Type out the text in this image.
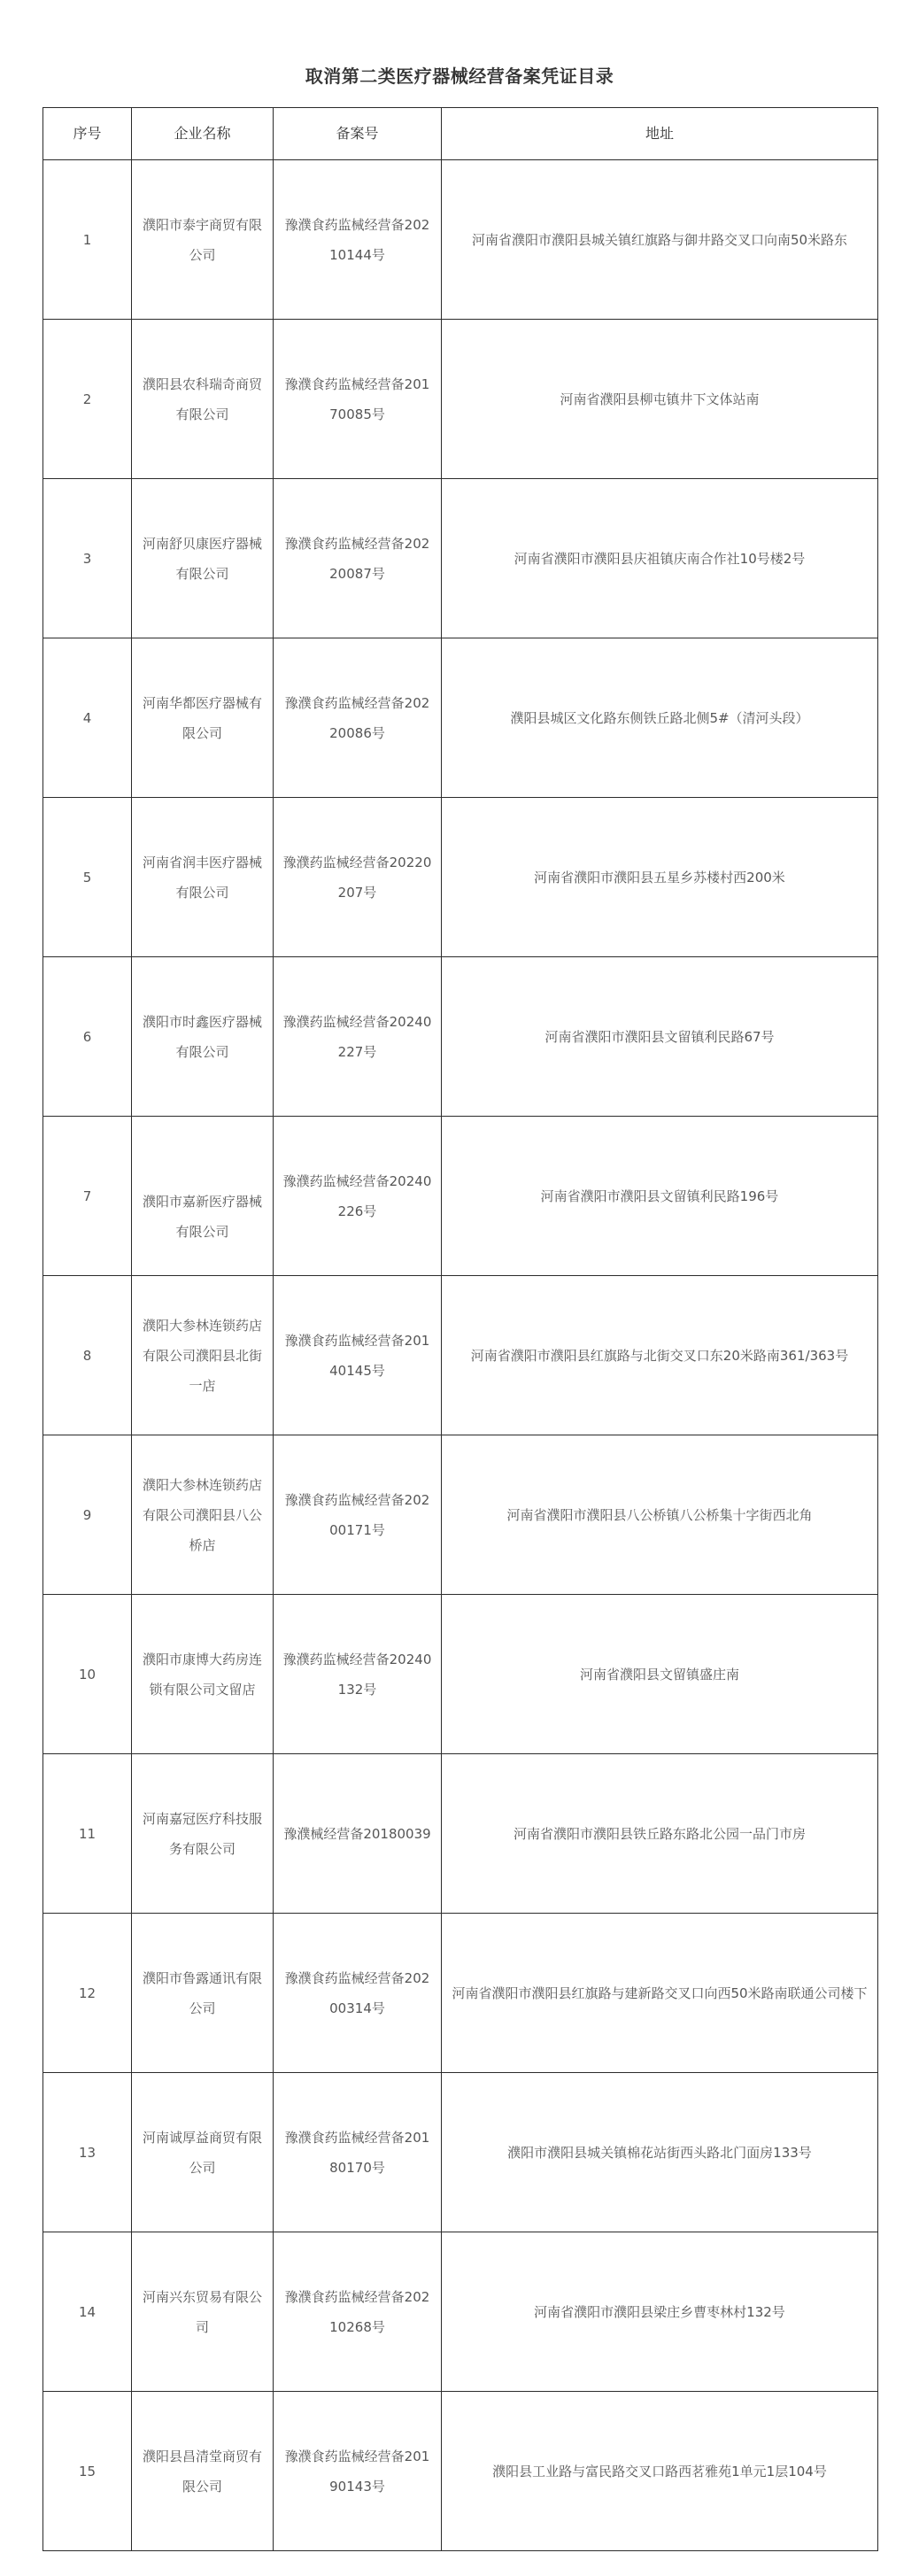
取消第二类医疗器械经营备案凭证目录
序号	企业名称	备案号	地址
1	濮阳市泰宇商贸有限公司	豫濮食药监械经营备20210144号	河南省濮阳市濮阳县城关镇红旗路与御井路交叉口向南50米路东
2	濮阳县农科瑞奇商贸有限公司	豫濮食药监械经营备20170085号	河南省濮阳县柳屯镇井下文体站南
3	河南舒贝康医疗器械有限公司	豫濮食药监械经营备20220087号	河南省濮阳市濮阳县庆祖镇庆南合作社10号楼2号
4	河南华都医疗器械有限公司	豫濮食药监械经营备20220086号	濮阳县城区文化路东侧铁丘路北侧5#（清河头段）
5	河南省润丰医疗器械有限公司	豫濮药监械经营备20220207号	河南省濮阳市濮阳县五星乡苏楼村西200米
6	濮阳市时鑫医疗器械有限公司	豫濮药监械经营备20240227号	河南省濮阳市濮阳县文留镇利民路67号
7	濮阳市嘉新医疗器械有限公司	豫濮药监械经营备20240226号	河南省濮阳市濮阳县文留镇利民路196号
8	濮阳大参林连锁药店有限公司濮阳县北街一店	豫濮食药监械经营备20140145号	河南省濮阳市濮阳县红旗路与北街交叉口东20米路南361/363号
9	濮阳大参林连锁药店有限公司濮阳县八公桥店	豫濮食药监械经营备20200171号	河南省濮阳市濮阳县八公桥镇八公桥集十字街西北角
10	濮阳市康博大药房连锁有限公司文留店	豫濮药监械经营备20240132号	河南省濮阳县文留镇盛庄南
11	河南嘉冠医疗科技服务有限公司	豫濮械经营备20180039	河南省濮阳市濮阳县铁丘路东路北公园一品门市房
12	濮阳市鲁露通讯有限公司	豫濮食药监械经营备20200314号	河南省濮阳市濮阳县红旗路与建新路交叉口向西50米路南联通公司楼下
13	河南诚厚益商贸有限公司	豫濮食药监械经营备20180170号	濮阳市濮阳县城关镇棉花站街西头路北门面房133号
14	河南兴东贸易有限公司	豫濮食药监械经营备20210268号	河南省濮阳市濮阳县梁庄乡曹枣林村132号
15	濮阳县昌清堂商贸有限公司	豫濮食药监械经营备20190143号	濮阳县工业路与富民路交叉口路西茗雅苑1单元1层104号
